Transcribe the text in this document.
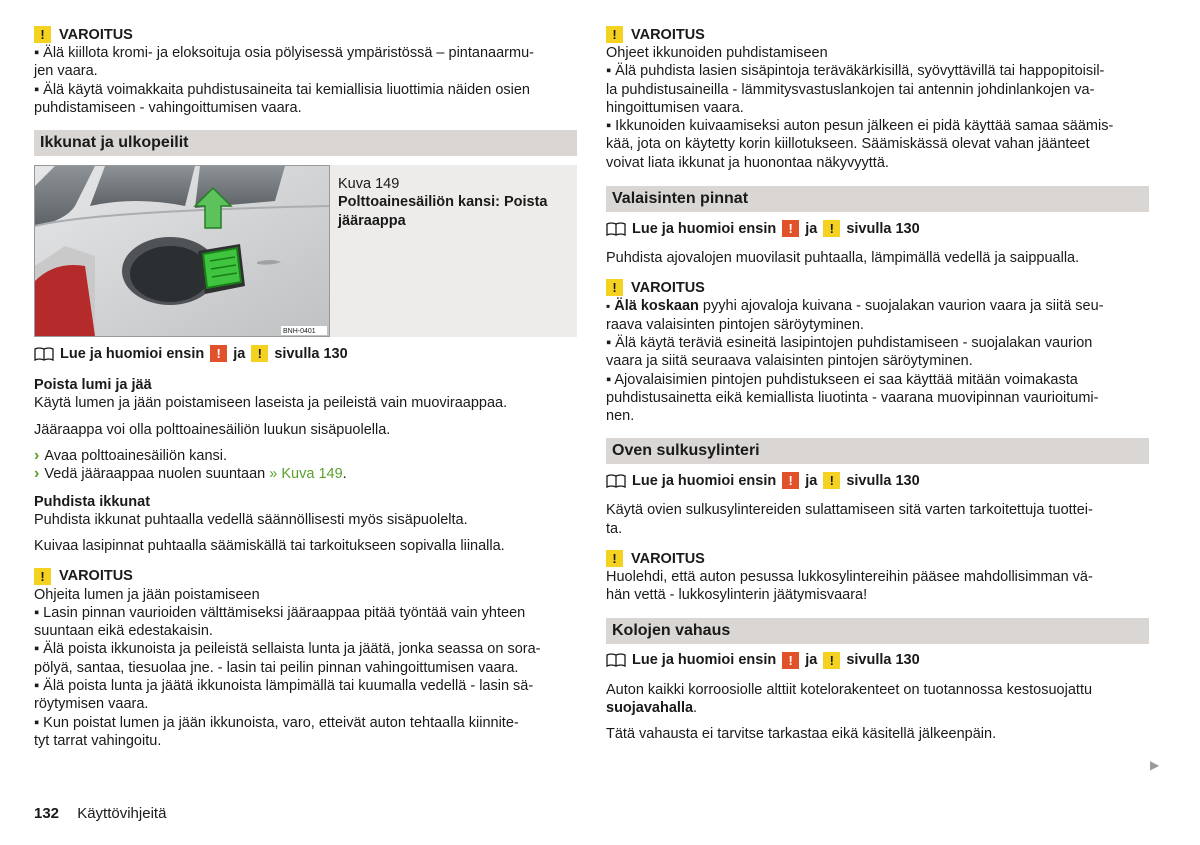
! VAROITUS

▪ Älä kiillota kromi- ja eloksoituja osia pölyisessä ympäristössä – pintanaarmu-

jen vaara.

▪ Älä käytä voimakkaita puhdistusaineita tai kemiallisia liuottimia näiden osien

puhdistamiseen - vahingoittumisen vaara.

Ikkunat ja ulkopeilit
BNH-0401
Kuva 149
Polttoainesäiliön kansi: Poista jääraappa
Lue ja huomioi ensin ! ja ! sivulla 130

Poista lumi ja jää

Käytä lumen ja jään poistamiseen laseista ja peileistä vain muoviraappaa.

Jääraappa voi olla polttoainesäiliön luukun sisäpuolella.

› Avaa polttoainesäiliön kansi.

› Vedä jääraappaa nuolen suuntaan » Kuva 149.

Puhdista ikkunat

Puhdista ikkunat puhtaalla vedellä säännöllisesti myös sisäpuolelta.

Kuivaa lasipinnat puhtaalla säämiskällä tai tarkoitukseen sopivalla liinalla.

! VAROITUS

Ohjeita lumen ja jään poistamiseen

▪ Lasin pinnan vaurioiden välttämiseksi jääraappaa pitää työntää vain yhteen

suuntaan eikä edestakaisin.

▪ Älä poista ikkunoista ja peileistä sellaista lunta ja jäätä, jonka seassa on sora-

pölyä, santaa, tiesuolaa jne. - lasin tai peilin pinnan vahingoittumisen vaara.

▪ Älä poista lunta ja jäätä ikkunoista lämpimällä tai kuumalla vedellä - lasin sä-

röytymisen vaara.

▪ Kun poistat lumen ja jään ikkunoista, varo, etteivät auton tehtaalla kiinnite-

tyt tarrat vahingoitu.

! VAROITUS

Ohjeet ikkunoiden puhdistamiseen

▪ Älä puhdista lasien sisäpintoja teräväkärkisillä, syövyttävillä tai happopitoisil-

la puhdistusaineilla - lämmitysvastuslankojen tai antennin johdinlankojen va-

hingoittumisen vaara.

▪ Ikkunoiden kuivaamiseksi auton pesun jälkeen ei pidä käyttää samaa säämis-

kää, jota on käytetty korin kiillotukseen. Säämiskässä olevat vahan jäänteet

voivat liata ikkunat ja huonontaa näkyvyyttä.

Valaisinten pinnat
Lue ja huomioi ensin ! ja ! sivulla 130

Puhdista ajovalojen muovilasit puhtaalla, lämpimällä vedellä ja saippualla.

! VAROITUS

▪ Älä koskaan pyyhi ajovaloja kuivana - suojalakan vaurion vaara ja siitä seu-

raava valaisinten pintojen säröytyminen.

▪ Älä käytä teräviä esineitä lasipintojen puhdistamiseen - suojalakan vaurion

vaara ja siitä seuraava valaisinten pintojen säröytyminen.

▪ Ajovalaisimien pintojen puhdistukseen ei saa käyttää mitään voimakasta

puhdistusainetta eikä kemiallista liuotinta - vaarana muovipinnan vaurioitumi-

nen.

Oven sulkusylinteri
Lue ja huomioi ensin ! ja ! sivulla 130

Käytä ovien sulkusylintereiden sulattamiseen sitä varten tarkoitettuja tuottei-

ta.

! VAROITUS

Huolehdi, että auton pesussa lukkosylintereihin pääsee mahdollisimman vä-

hän vettä - lukkosylinterin jäätymisvaara!

Kolojen vahaus
Lue ja huomioi ensin ! ja ! sivulla 130

Auton kaikki korroosiolle alttiit kotelorakenteet on tuotannossa kestosuojattu

suojavahalla.

Tätä vahausta ei tarvitse tarkastaa eikä käsitellä jälkeenpäin.

▶
132 Käyttövihjeitä
